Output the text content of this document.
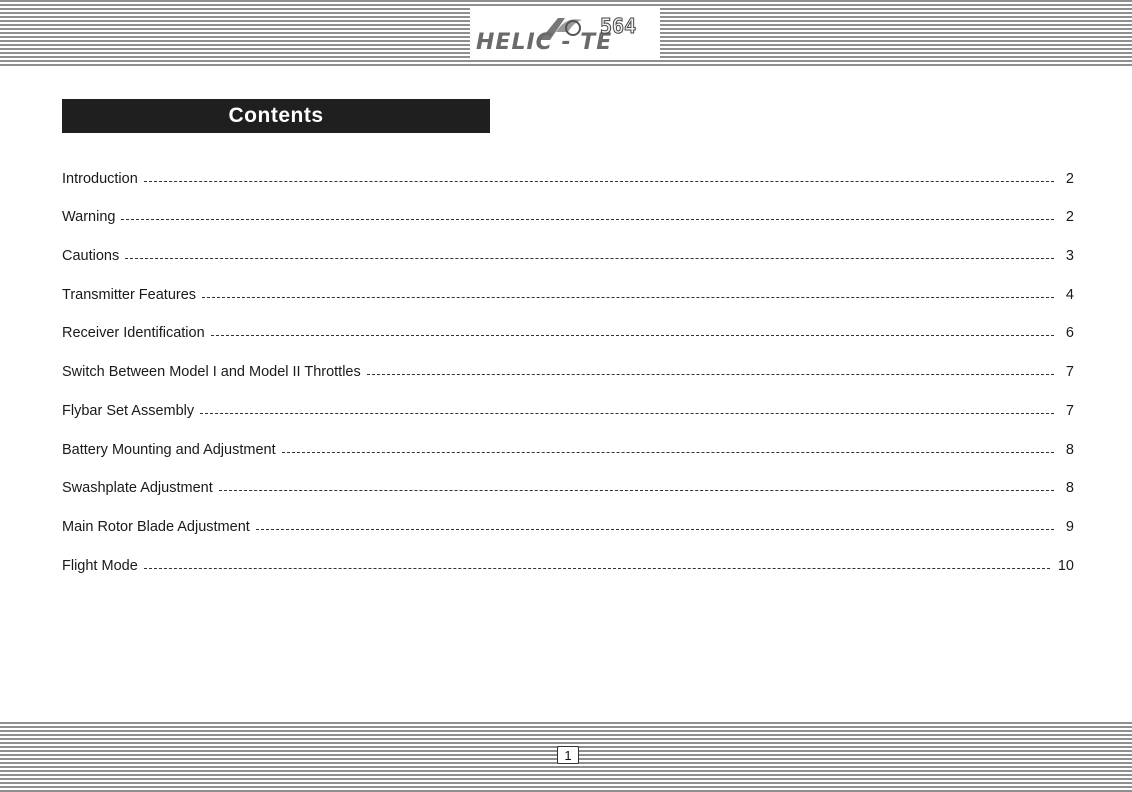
HELIC - TE
564
Contents
Introduction	2
Warning	2
Cautions	3
Transmitter Features	4
Receiver Identification	6
Switch Between Model I and Model II Throttles	7
Flybar Set Assembly	7
Battery Mounting and Adjustment	8
Swashplate Adjustment	8
Main Rotor Blade Adjustment	9
Flight Mode	10
1
